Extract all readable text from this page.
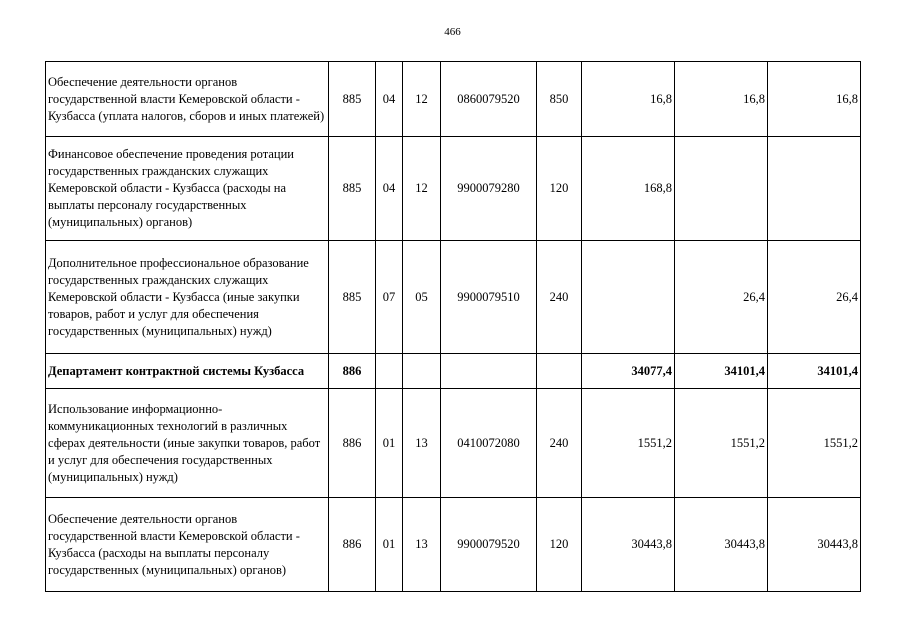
466
Обеспечение деятельности органов государственной власти Кемеровской области - Кузбасса (уплата налогов, сборов и иных платежей)	885	04	12	0860079520	850	16,8	16,8	16,8
Финансовое обеспечение проведения ротации государственных гражданских служащих Кемеровской области - Кузбасса (расходы на выплаты персоналу государственных (муниципальных) органов)	885	04	12	9900079280	120	168,8		
Дополнительное профессиональное образование государственных гражданских служащих Кемеровской области - Кузбасса (иные закупки товаров, работ и услуг для обеспечения государственных (муниципальных) нужд)	885	07	05	9900079510	240		26,4	26,4
Департамент контрактной системы Кузбасса	886					34077,4	34101,4	34101,4
Использование информационно-коммуникационных технологий в различных сферах деятельности (иные закупки товаров, работ и услуг для обеспечения государственных (муниципальных) нужд)	886	01	13	0410072080	240	1551,2	1551,2	1551,2
Обеспечение деятельности органов государственной власти Кемеровской области - Кузбасса (расходы на выплаты персоналу государственных (муниципальных) органов)	886	01	13	9900079520	120	30443,8	30443,8	30443,8
